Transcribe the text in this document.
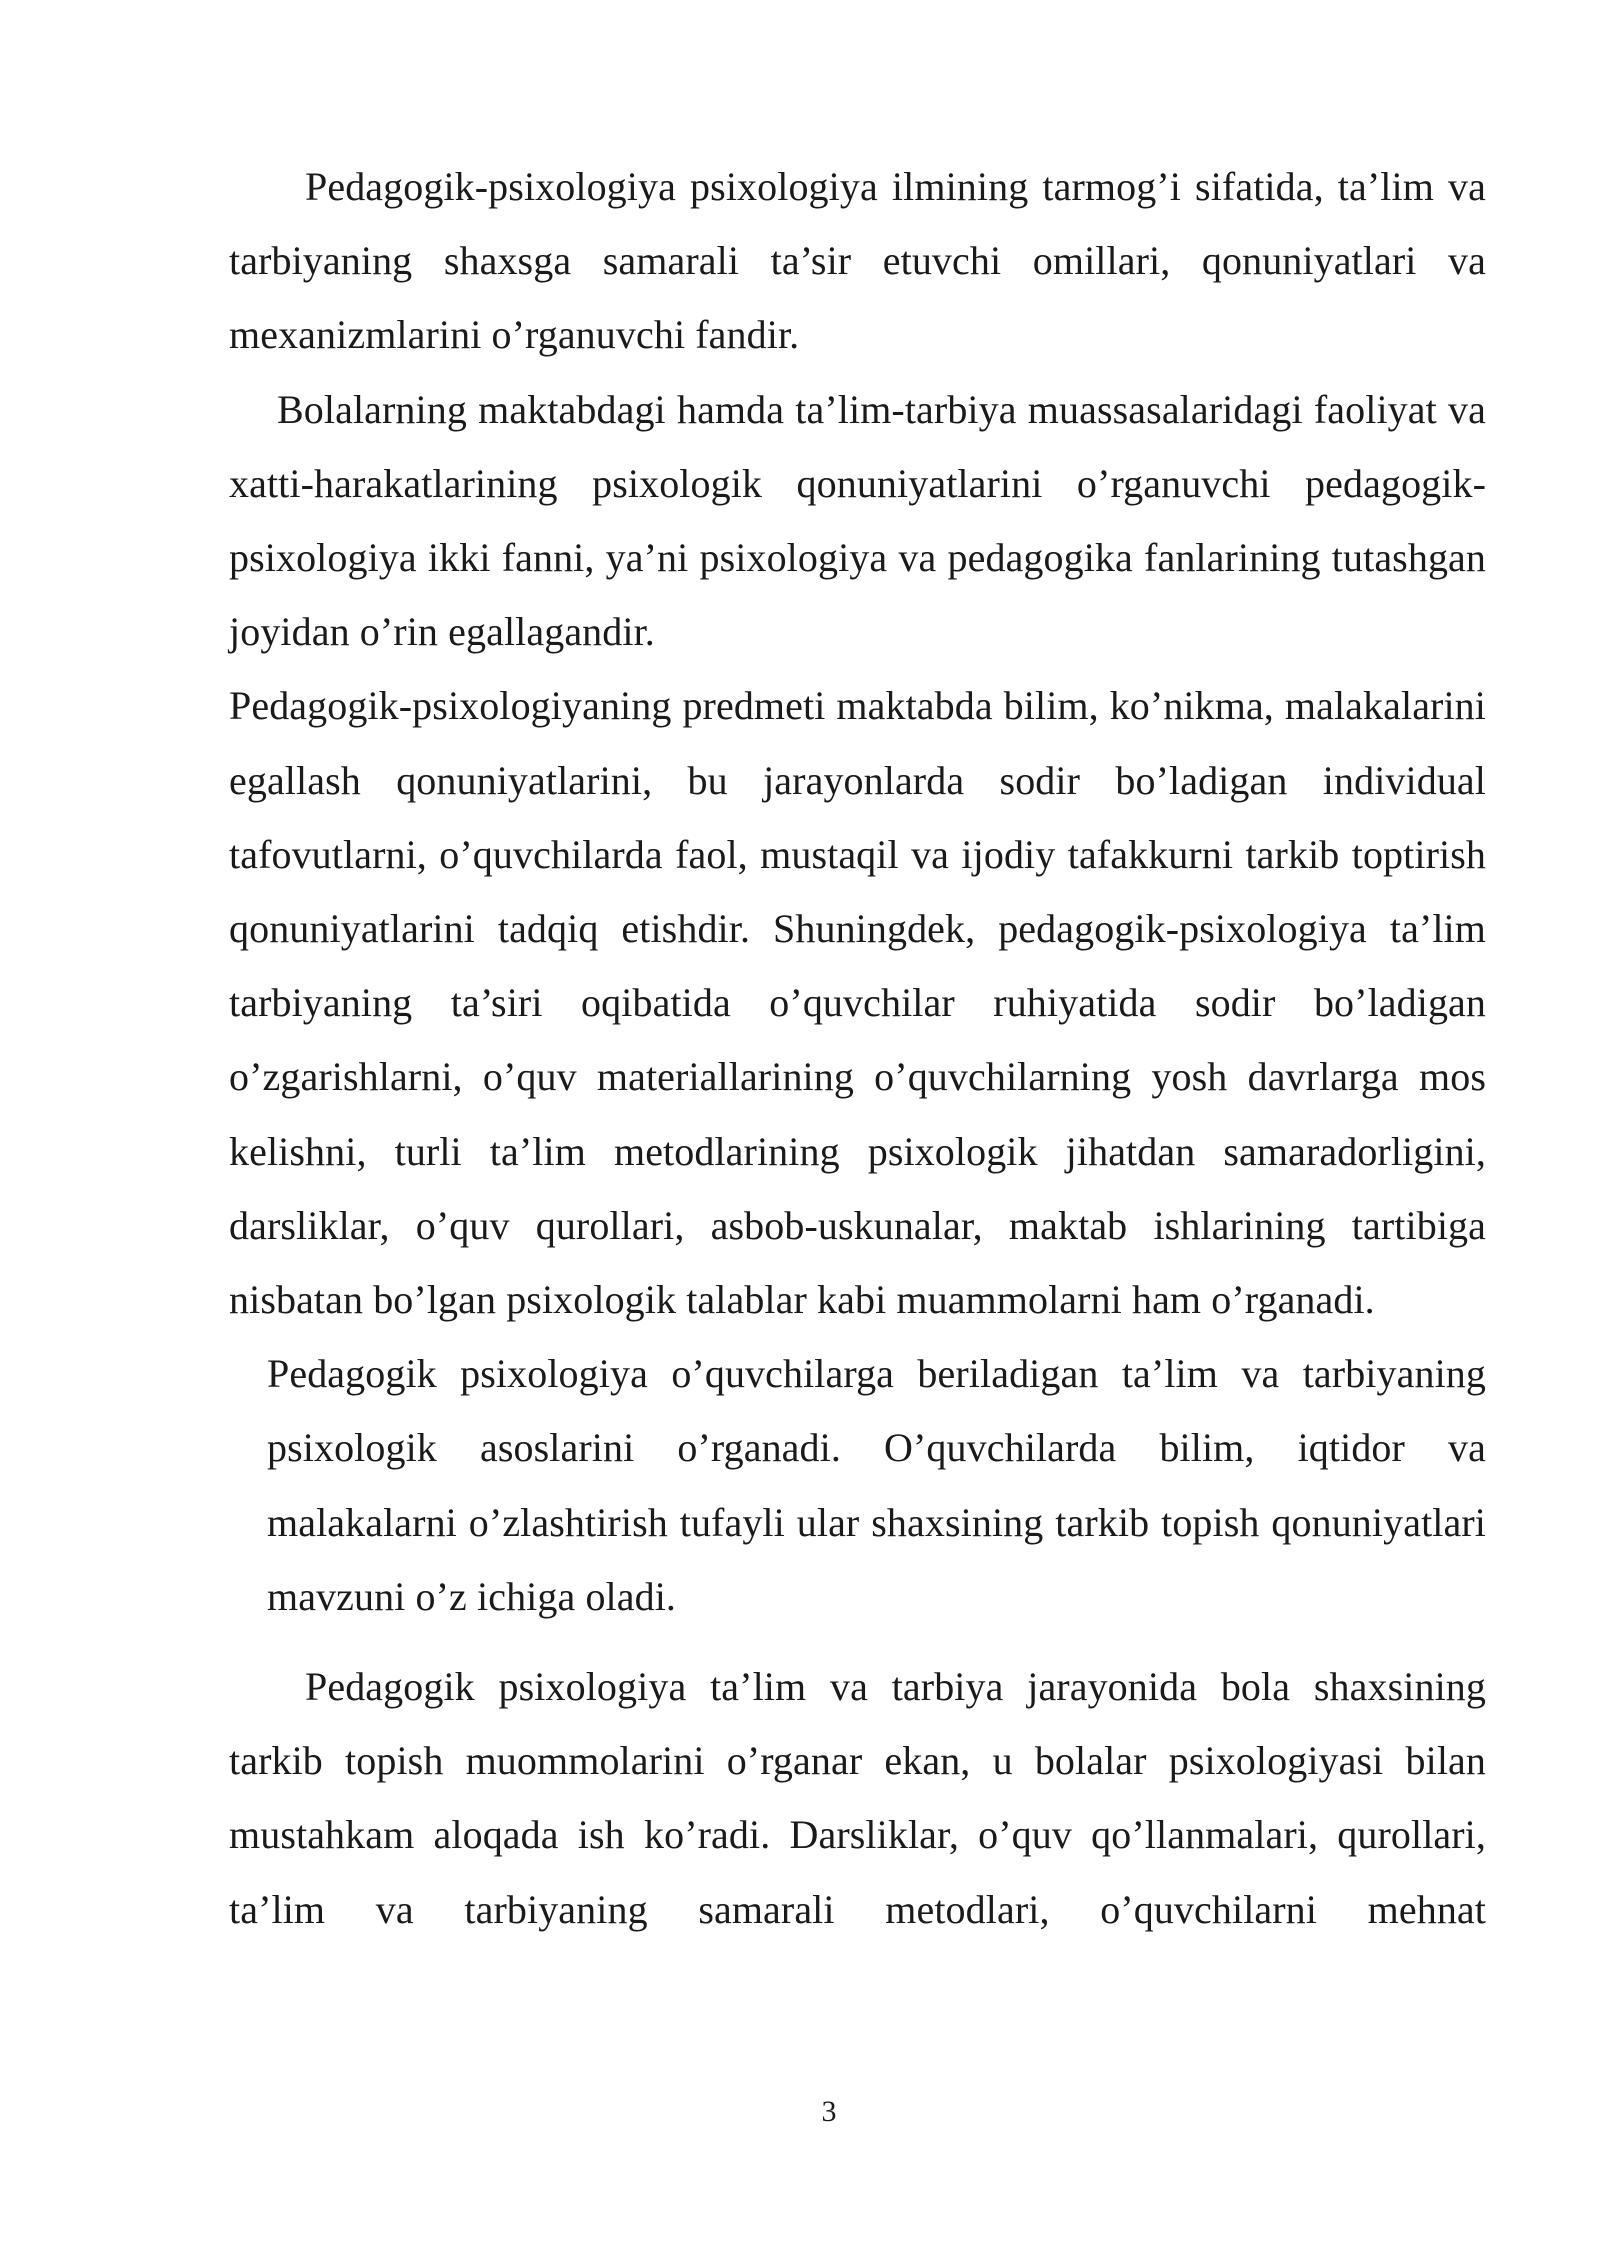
Pedagogik-psixologiya psixologiya ilmining tarmog’i sifatida, ta’lim va tarbiyaning shaxsga samarali ta’sir etuvchi omillari, qonuniyatlari va mexanizmlarini o’rganuvchi fandir.

Bolalarning maktabdagi hamda ta’lim-tarbiya muassasalaridagi faoliyat va xatti-harakatlarining psixologik qonuniyatlarini o’rganuvchi pedagogik-psixologiya ikki fanni, ya’ni psixologiya va pedagogika fanlarining tutashgan joyidan o’rin egallagandir.

Pedagogik-psixologiyaning predmeti maktabda bilim, ko’nikma, malakalarini egallash qonuniyatlarini, bu jarayonlarda sodir bo’ladigan individual tafovutlarni, o’quvchilarda faol, mustaqil va ijodiy tafakkurni tarkib toptirish qonuniyatlarini tadqiq etishdir. Shuningdek, pedagogik-psixologiya ta’lim tarbiyaning ta’siri oqibatida o’quvchilar ruhiyatida sodir bo’ladigan o’zgarishlarni, o’quv materiallarining o’quvchilarning yosh davrlarga mos kelishni, turli ta’lim metodlarining psixologik jihatdan samaradorligini, darsliklar, o’quv qurollari, asbob-uskunalar, maktab ishlarining tartibiga nisbatan bo’lgan psixologik talablar kabi muammolarni ham o’rganadi.

Pedagogik psixologiya o’quvchilarga beriladigan ta’lim va tarbiyaning psixologik asoslarini o’rganadi. O’quvchilarda bilim, iqtidor va malakalarni o’zlashtirish tufayli ular shaxsining tarkib topish qonuniyatlari mavzuni o’z ichiga oladi.

Pedagogik psixologiya ta’lim va tarbiya jarayonida bola shaxsining tarkib topish muommolarini o’rganar ekan, u bolalar psixologiyasi bilan mustahkam aloqada ish ko’radi. Darsliklar, o’quv qo’llanmalari, qurollari, ta’lim va tarbiyaning samarali metodlari, o’quvchilarni mehnat

3
